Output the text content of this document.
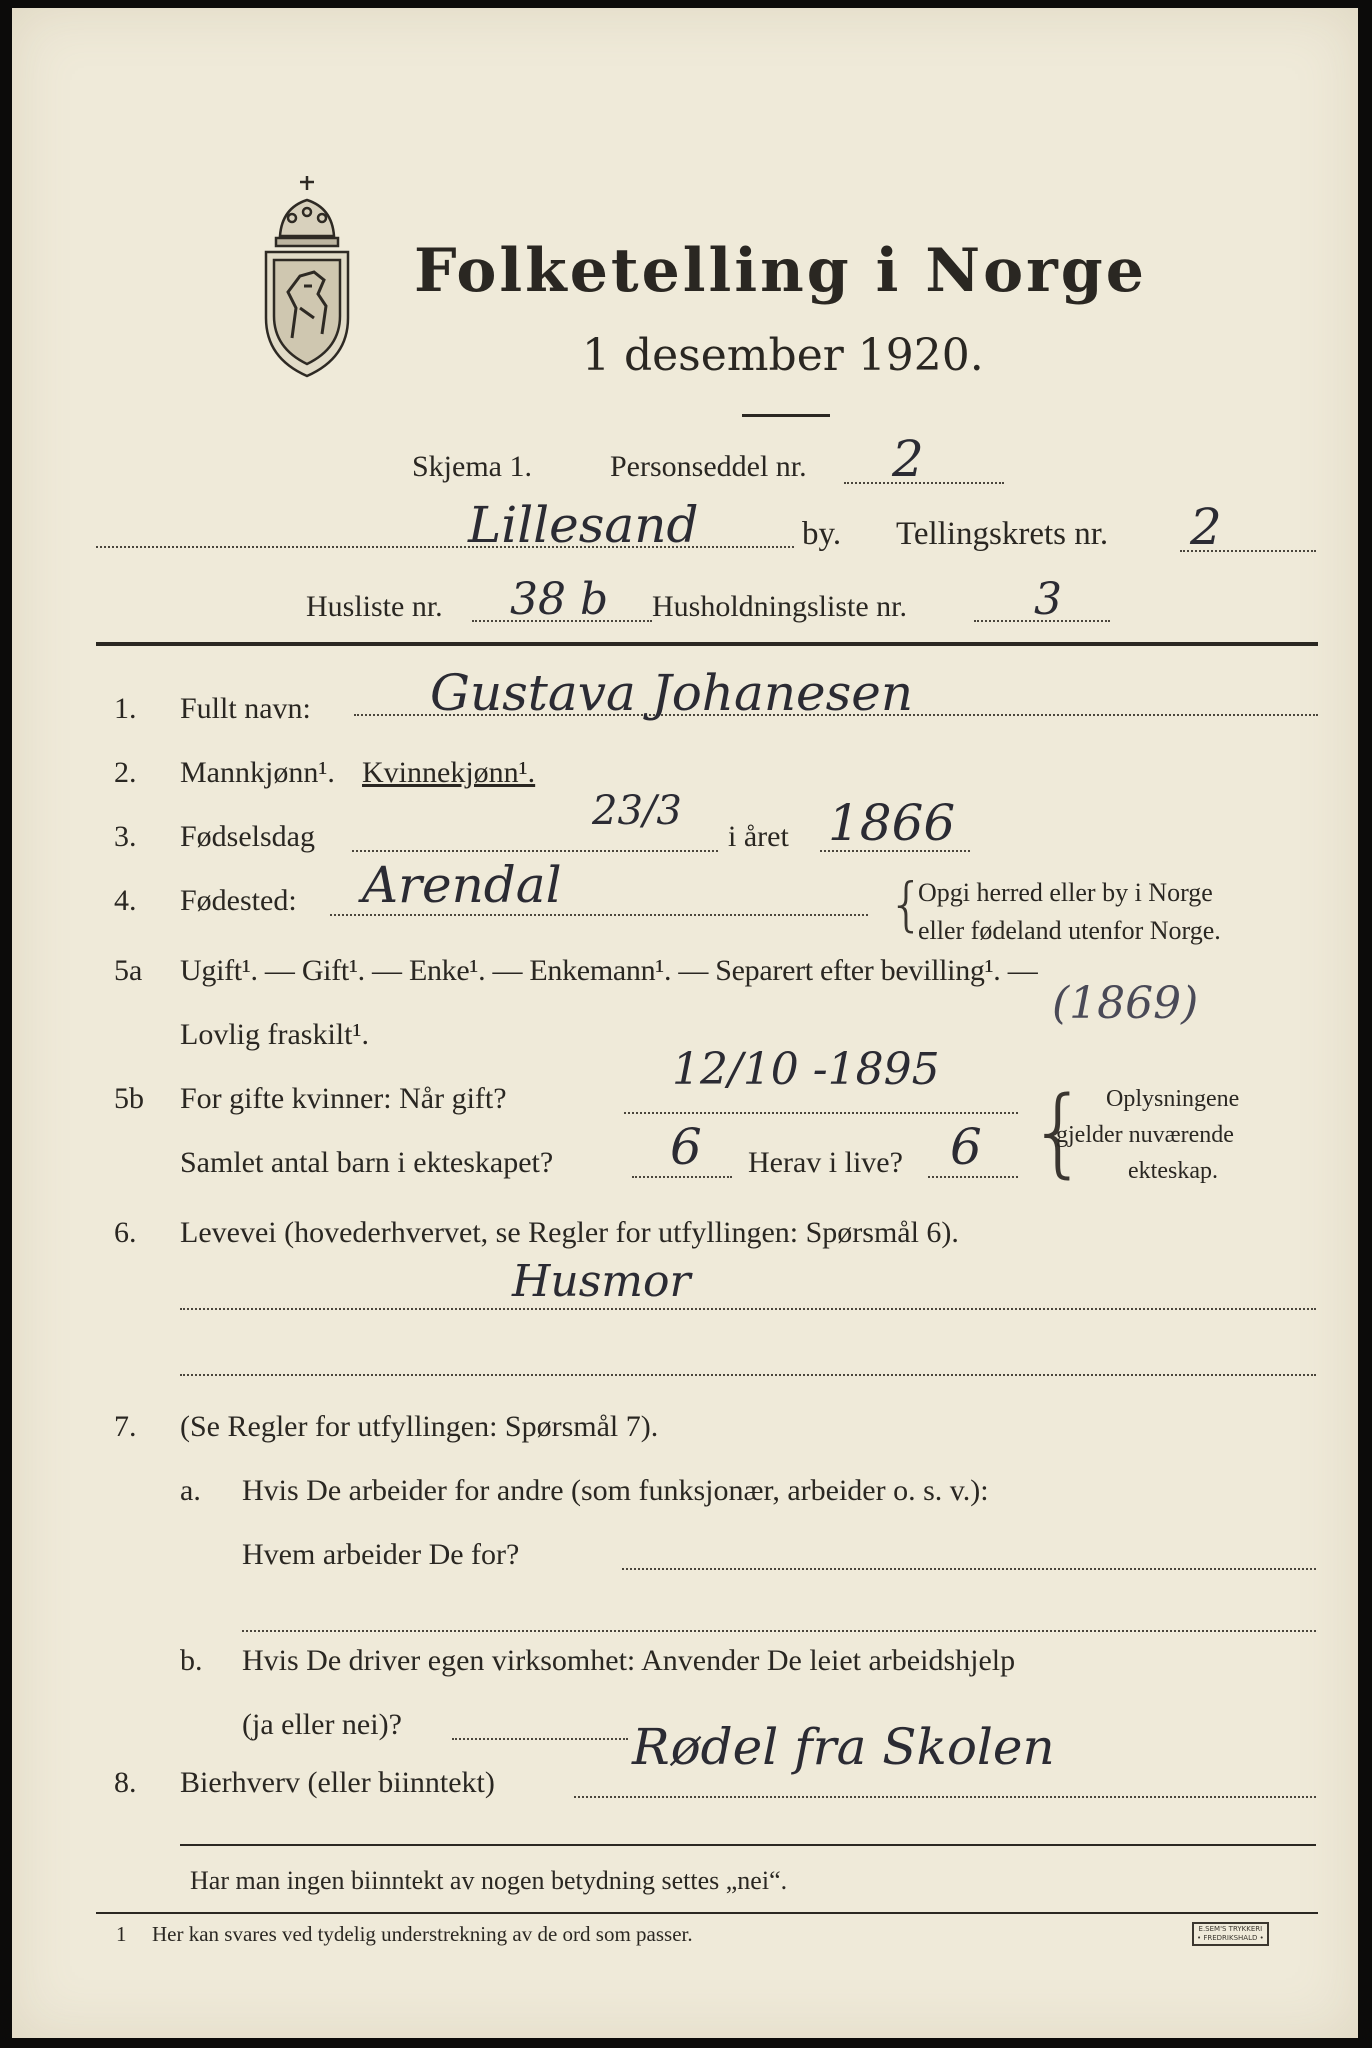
Folketelling i Norge
1 desember 1920.
Skjema 1.	Personseddel nr. 2
Lillesand	by. Tellingskrets nr. 2
Husliste nr. 38 b Husholdningsliste nr.	3
1. Fullt navn: Gustava Johanesen
2. Mannkjønn¹. Kvinnekjønn¹.
3. Fødselsdag
23/3
i året 1866
4. Fødested: Arendal	{
Opgi herred eller by i Norge
eller fødeland utenfor Norge.
5a Ugift¹. — Gift¹. — Enke¹. — Enkemann¹. — Separert efter bevilling¹. —
Lovlig fraskilt¹.
(1869)
5b For gifte kvinner: Når gift?
12/10 -1895
Samlet antal barn i ekteskapet? 6 Herav i live? 6 { Oplysningene
gjelder nuværende
ekteskap.
6. Levevei (hovederhvervet, se Regler for utfyllingen: Spørsmål 6).
Husmor
7. (Se Regler for utfyllingen: Spørsmål 7).
a. Hvis De arbeider for andre (som funksjonær, arbeider o. s. v.):
Hvem arbeider De for?
b. Hvis De driver egen virksomhet: Anvender De leiet arbeidshjelp
(ja eller nei)?
8. Bierhverv (eller biinntekt)
Rødel fra Skolen
Har man ingen biinntekt av nogen betydning settes „nei“.
1 Her kan svares ved tydelig understrekning av de ord som passer.	E.SEM'S TRYKKERI
• FREDRIKSHALD •
